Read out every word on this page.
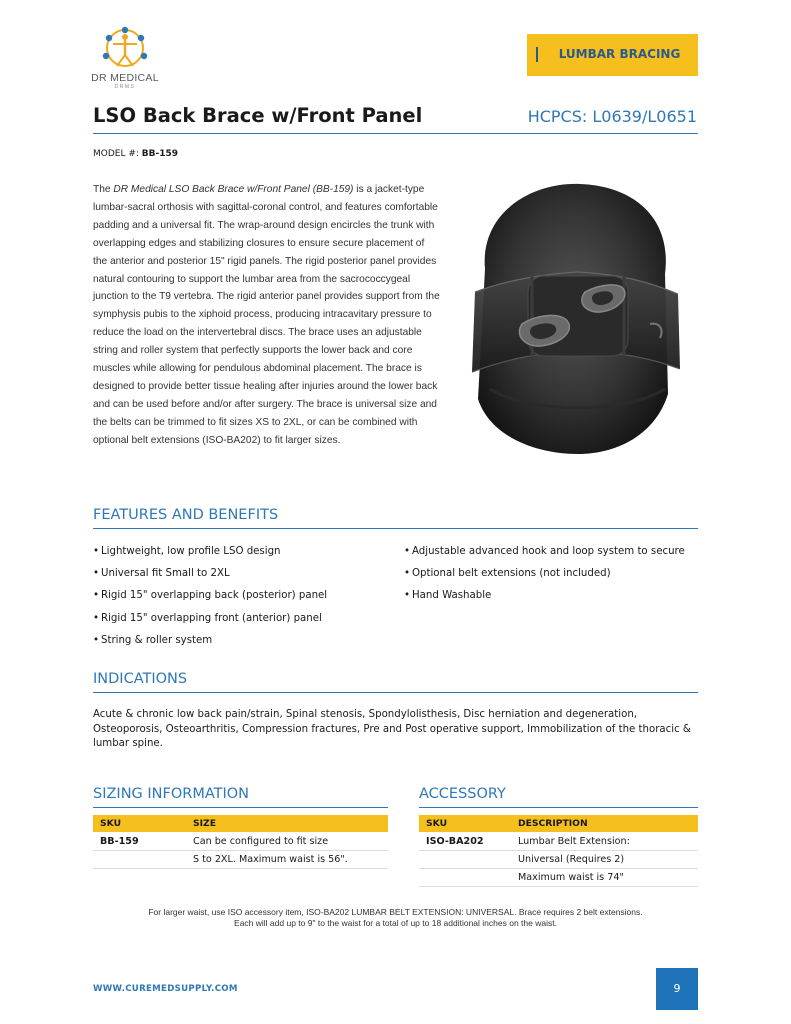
DR MEDICAL
DRMS
LUMBAR BRACING
LSO Back Brace w/Front Panel	HCPCS: L0639/L0651
MODEL #: BB-159
The DR Medical LSO Back Brace w/Front Panel (BB-159) is a jacket-type lumbar-sacral orthosis with sagittal-coronal control, and features comfortable padding and a universal fit. The wrap-around design encircles the trunk with overlapping edges and stabilizing closures to ensure secure placement of the anterior and posterior 15" rigid panels. The rigid posterior panel provides natural contouring to support the lumbar area from the sacrococcygeal junction to the T9 vertebra. The rigid anterior panel provides support from the symphysis pubis to the xiphoid process, producing intracavitary pressure to reduce the load on the intervertebral discs. The brace uses an adjustable string and roller system that perfectly supports the lower back and core muscles while allowing for pendulous abdominal placement. The brace is designed to provide better tissue healing after injuries around the lower back and can be used before and/or after surgery. The brace is universal size and the belts can be trimmed to fit sizes XS to 2XL, or can be combined with optional belt extensions (ISO-BA202) to fit larger sizes.
FEATURES AND BENEFITS
• Lightweight, low profile LSO design
• Universal fit Small to 2XL
• Rigid 15" overlapping back (posterior) panel
• Rigid 15" overlapping front (anterior) panel
• String & roller system
• Adjustable advanced hook and loop system to secure
• Optional belt extensions (not included)
• Hand Washable
INDICATIONS
Acute & chronic low back pain/strain, Spinal stenosis, Spondylolisthesis, Disc herniation and degeneration, Osteoporosis, Osteoarthritis, Compression fractures, Pre and Post operative support, Immobilization of the thoracic & lumbar spine.
SIZING INFORMATION
SKU	SIZE
BB-159	Can be configured to fit size
S to 2XL. Maximum waist is 56".
ACCESSORY
SKU	DESCRIPTION
ISO-BA202	Lumbar Belt Extension:
Universal (Requires 2)
Maximum waist is 74"
For larger waist, use ISO accessory item, ISO-BA202 LUMBAR BELT EXTENSION: UNIVERSAL. Brace requires 2 belt extensions.
Each will add up to 9" to the waist for a total of up to 18 additional inches on the waist.
WWW.CUREMEDSUPPLY.COM	9
